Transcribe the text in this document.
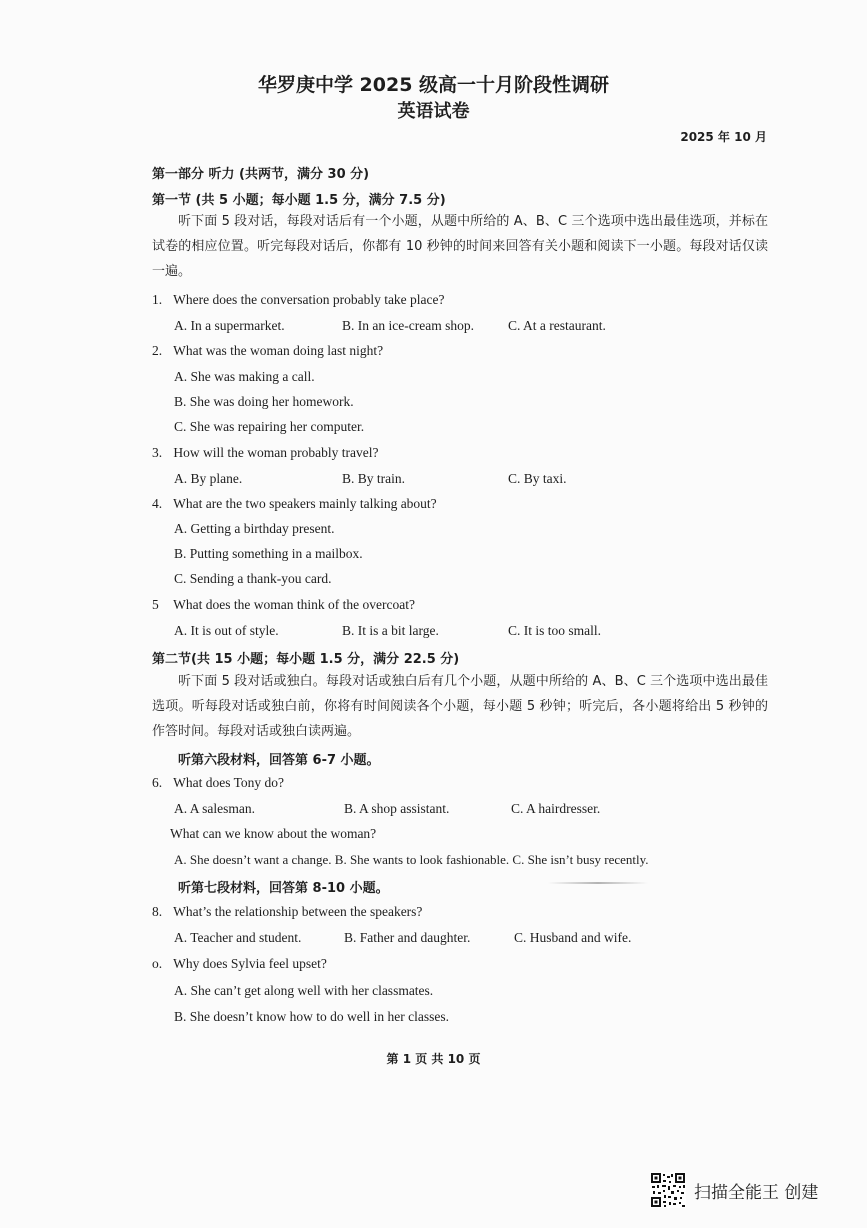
华罗庚中学 2025 级高一十月阶段性调研
英语试卷
2025 年 10 月
第一部分 听力 (共两节，满分 30 分)
第一节 (共 5 小题；每小题 1.5 分，满分 7.5 分)
听下面 5 段对话，每段对话后有一个小题，从题中所给的 A、B、C 三个选项中选出最佳选项，并标在试卷的相应位置。听完每段对话后，你都有 10 秒钟的时间来回答有关小题和阅读下一小题。每段对话仅读一遍。
1. Where does the conversation probably take place?
A. In a supermarket.	B. In an ice-cream shop.	C. At a restaurant.
2. What was the woman doing last night?
A. She was making a call.
B. She was doing her homework.
C. She was repairing her computer.
3. How will the woman probably travel?
A. By plane.	B. By train.	C. By taxi.
4. What are the two speakers mainly talking about?
A. Getting a birthday present.
B. Putting something in a mailbox.
C. Sending a thank-you card.
5 What does the woman think of the overcoat?
A. It is out of style.	B. It is a bit large.	C. It is too small.
第二节(共 15 小题；每小题 1.5 分，满分 22.5 分)
听下面 5 段对话或独白。每段对话或独白后有几个小题，从题中所给的 A、B、C 三个选项中选出最佳选项。听每段对话或独白前，你将有时间阅读各个小题，每小题 5 秒钟；听完后，各小题将给出 5 秒钟的作答时间。每段对话或独白读两遍。
听第六段材料，回答第 6-7 小题。
6. What does Tony do?
A. A salesman.	B. A shop assistant.	C. A hairdresser.
What can we know about the woman?
A. She doesn’t want a change. B. She wants to look fashionable. C. She isn’t busy recently.
听第七段材料，回答第 8-10 小题。
8. What’s the relationship between the speakers?
A. Teacher and student.	B. Father and daughter.	C. Husband and wife.
o. Why does Sylvia feel upset?
A. She can’t get along well with her classmates.
B. She doesn’t know how to do well in her classes.
第 1 页 共 10 页
扫描全能王 创建
